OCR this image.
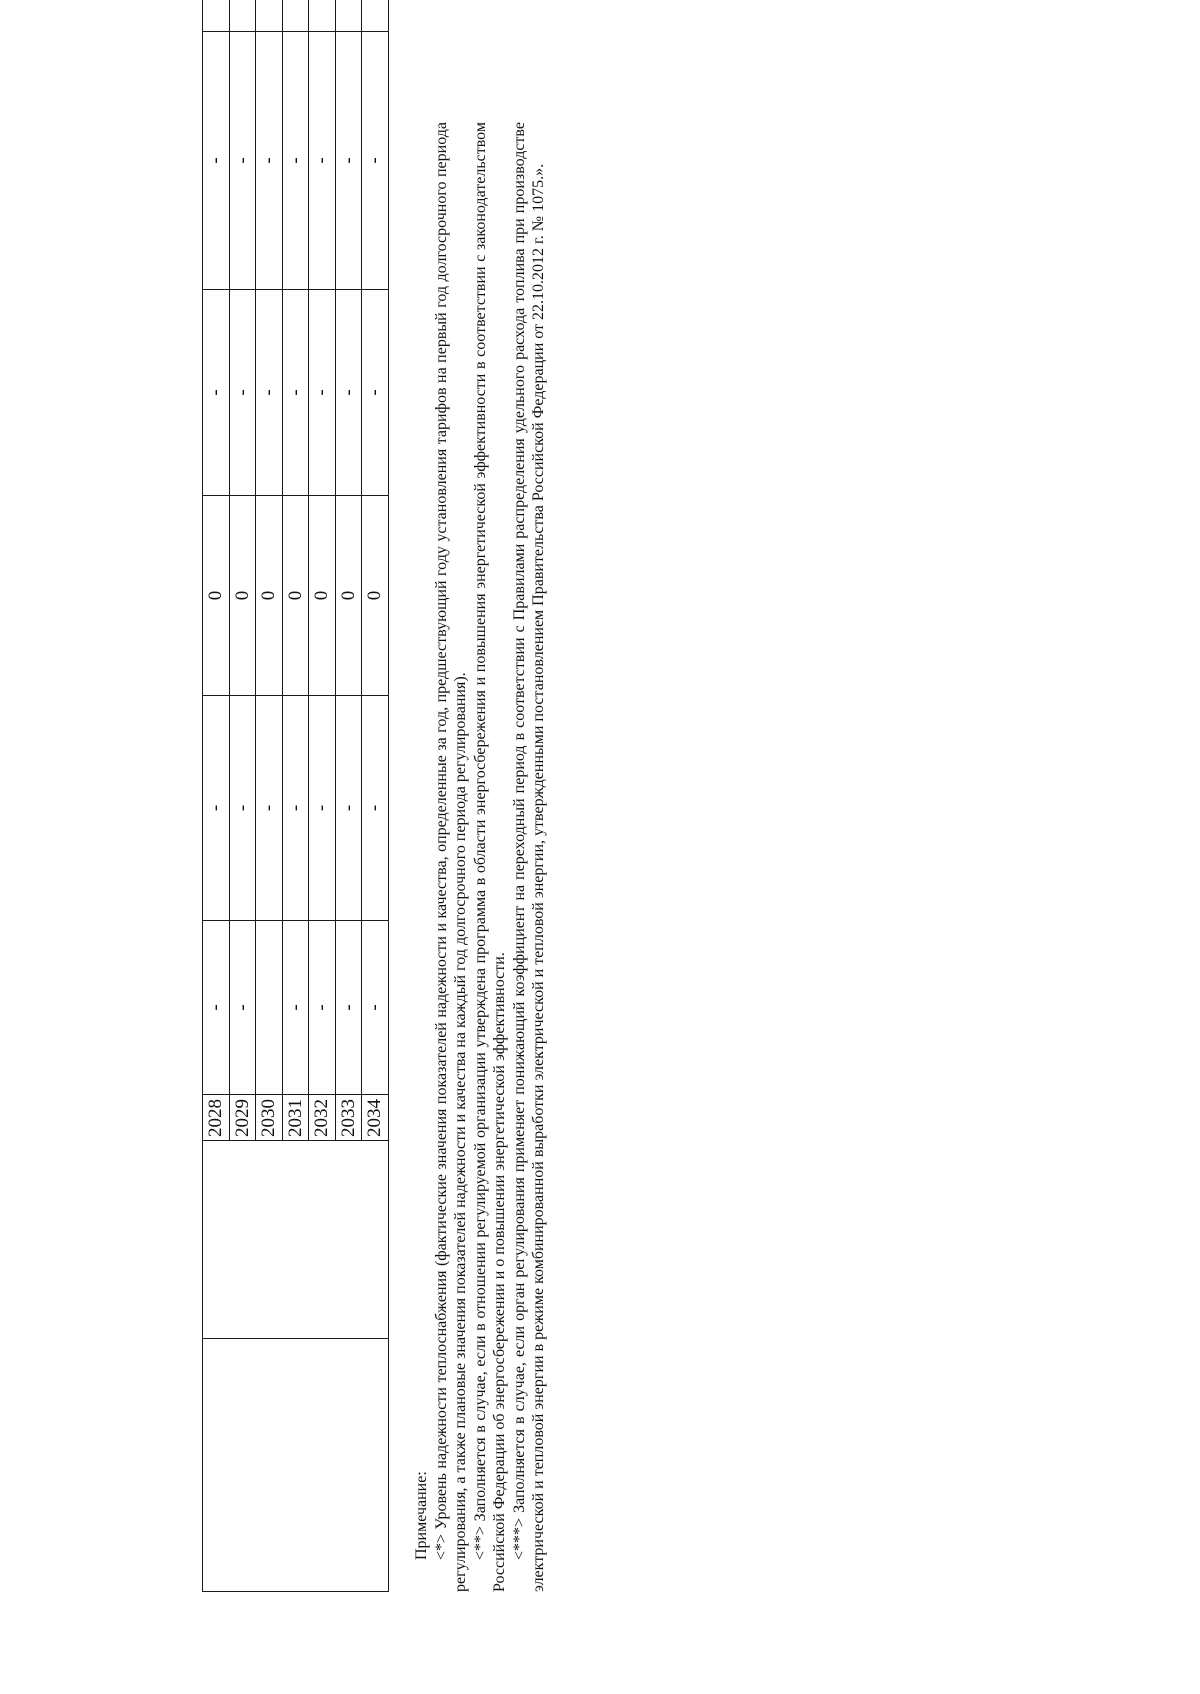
		2028	-	-	0	-	-	
		2029	-	-	0	-	-	
		2030		-	0	-	-	
		2031	-	-	0	-	-	
		2032	-	-	0	-	-	
		2033	-	-	0	-	-	
		2034	-	-	0	-	-	

Примечание: <*> Уровень надежности теплоснабжения (фактические значения показателей надежности и качества, определенные за год, предшествующий году установления тарифов на первый год долгосрочного периода регулирования, а также плановые значения показателей надежности и качества на каждый год долгосрочного периода регулирования). <**> Заполняется в случае, если в отношении регулируемой организации утверждена программа в области энергосбережения и повышения энергетической эффективности в соответствии с законодательством Российской Федерации об энергосбережении и о повышении энергетической эффективности. <***> Заполняется в случае, если орган регулирования применяет понижающий коэффициент на переходный период в соответствии с Правилами распределения удельного расхода топлива при производстве электрической и тепловой энергии в режиме комбинированной выработки электрической и тепловой энергии, утвержденными постановлением Правительства Российской Федерации от 22.10.2012 г. № 1075.».
